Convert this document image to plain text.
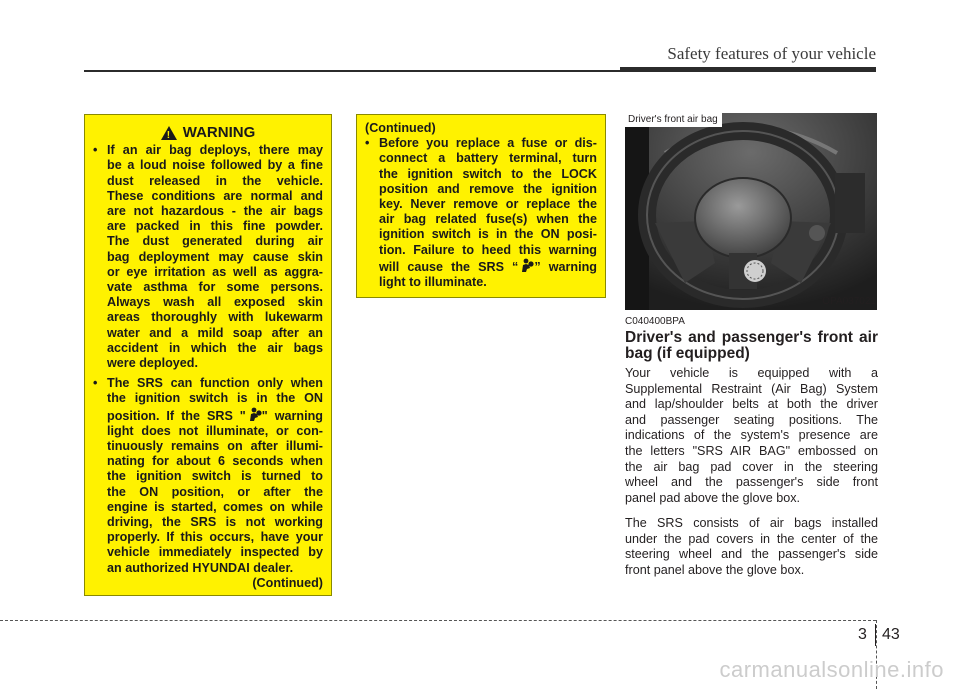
Safety features of your vehicle
!
WARNING
• If an air bag deploys, there may
be a loud noise followed by a fine
dust released in the vehicle.
These conditions are normal and
are not hazardous - the air bags
are packed in this fine powder.
The dust generated during air
bag deployment may cause skin
or eye irritation as well as aggra-
vate asthma for some persons.
Always wash all exposed skin
areas thoroughly with lukewarm
water and a mild soap after an
accident in which the air bags
were deployed.
• The SRS can function only when
the ignition switch is in the ON
position. If the SRS " " warning
light does not illuminate, or con-
tinuously remains on after illumi-
nating for about 6 seconds when
the ignition switch is turned to
the ON position, or after the
engine is started, comes on while
driving, the SRS is not working
properly. If this occurs, have your
vehicle immediately inspected by
an authorized HYUNDAI dealer.
(Continued)
(Continued)
• Before you replace a fuse or dis-
connect a battery terminal, turn
the ignition switch to the LOCK
position and remove the ignition
key. Never remove or replace the
air bag related fuse(s) when the
ignition switch is in the ON posi-
tion. Failure to heed this warning
will cause the SRS “ ” warning
light to illuminate.
Driver's front air bag
OPA037021
C040400BPA
Driver's and passenger's front air
bag (if equipped)
Your vehicle is equipped with a
Supplemental Restraint (Air Bag) System
and lap/shoulder belts at both the driver
and passenger seating positions. The
indications of the system's presence are
the letters "SRS AIR BAG" embossed on
the air bag pad cover in the steering
wheel and the passenger's side front
panel pad above the glove box.
The SRS consists of air bags installed
under the pad covers in the center of the
steering wheel and the passenger's side
front panel above the glove box.
3 43
carmanualsonline.info
